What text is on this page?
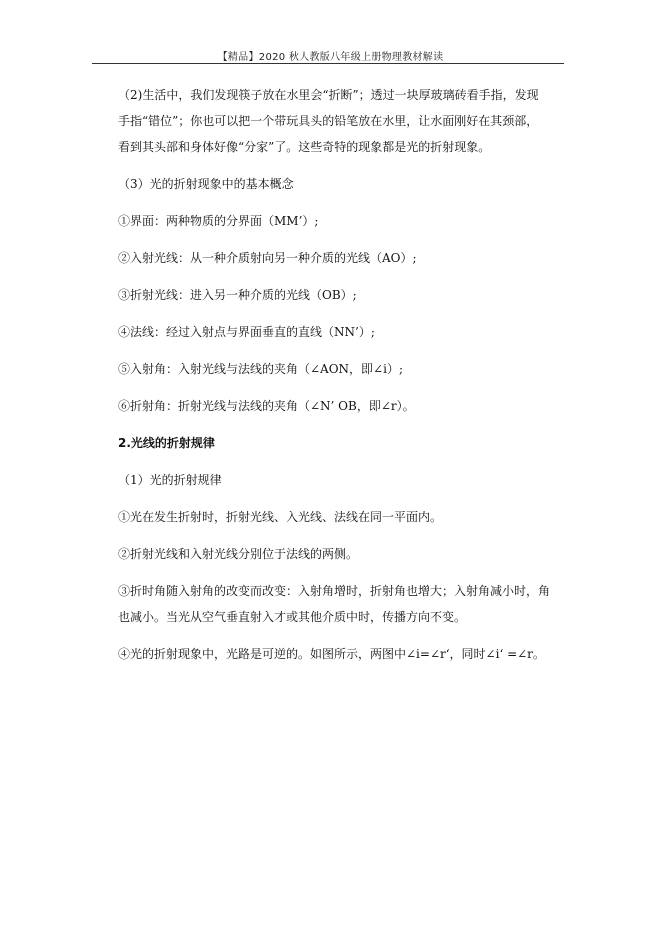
【精品】2020 秋人教版八年级上册物理教材解读

（2)生活中，我们发现筷子放在水里会“折断”；透过一块厚玻璃砖看手指，发现手指“错位”；你也可以把一个带玩具头的铅笔放在水里，让水面刚好在其颈部，看到其头部和身体好像“分家”了。这些奇特的现象都是光的折射现象。

（3）光的折射现象中的基本概念

①界面：两种物质的分界面（MM’）;

②入射光线：从一种介质射向另一种介质的光线（AO）;

③折射光线：进入另一种介质的光线（OB）;

④法线：经过入射点与界面垂直的直线（NN’）;

⑤入射角：入射光线与法线的夹角（∠AON，即∠i）;

⑥折射角：折射光线与法线的夹角（∠N’ OB，即∠r）。

2.光线的折射规律

（1）光的折射规律

①光在发生折射时，折射光线、入光线、法线在同一平面内。

②折射光线和入射光线分别位于法线的两侧。

③折时角随入射角的改变而改变：入射角增时，折射角也增大；入射角减小时，角也减小。当光从空气垂直射入才或其他介质中时，传播方向不变。

④光的折射现象中，光路是可逆的。如图所示，两图中∠i=∠r‘，同时∠i‘ =∠r。
